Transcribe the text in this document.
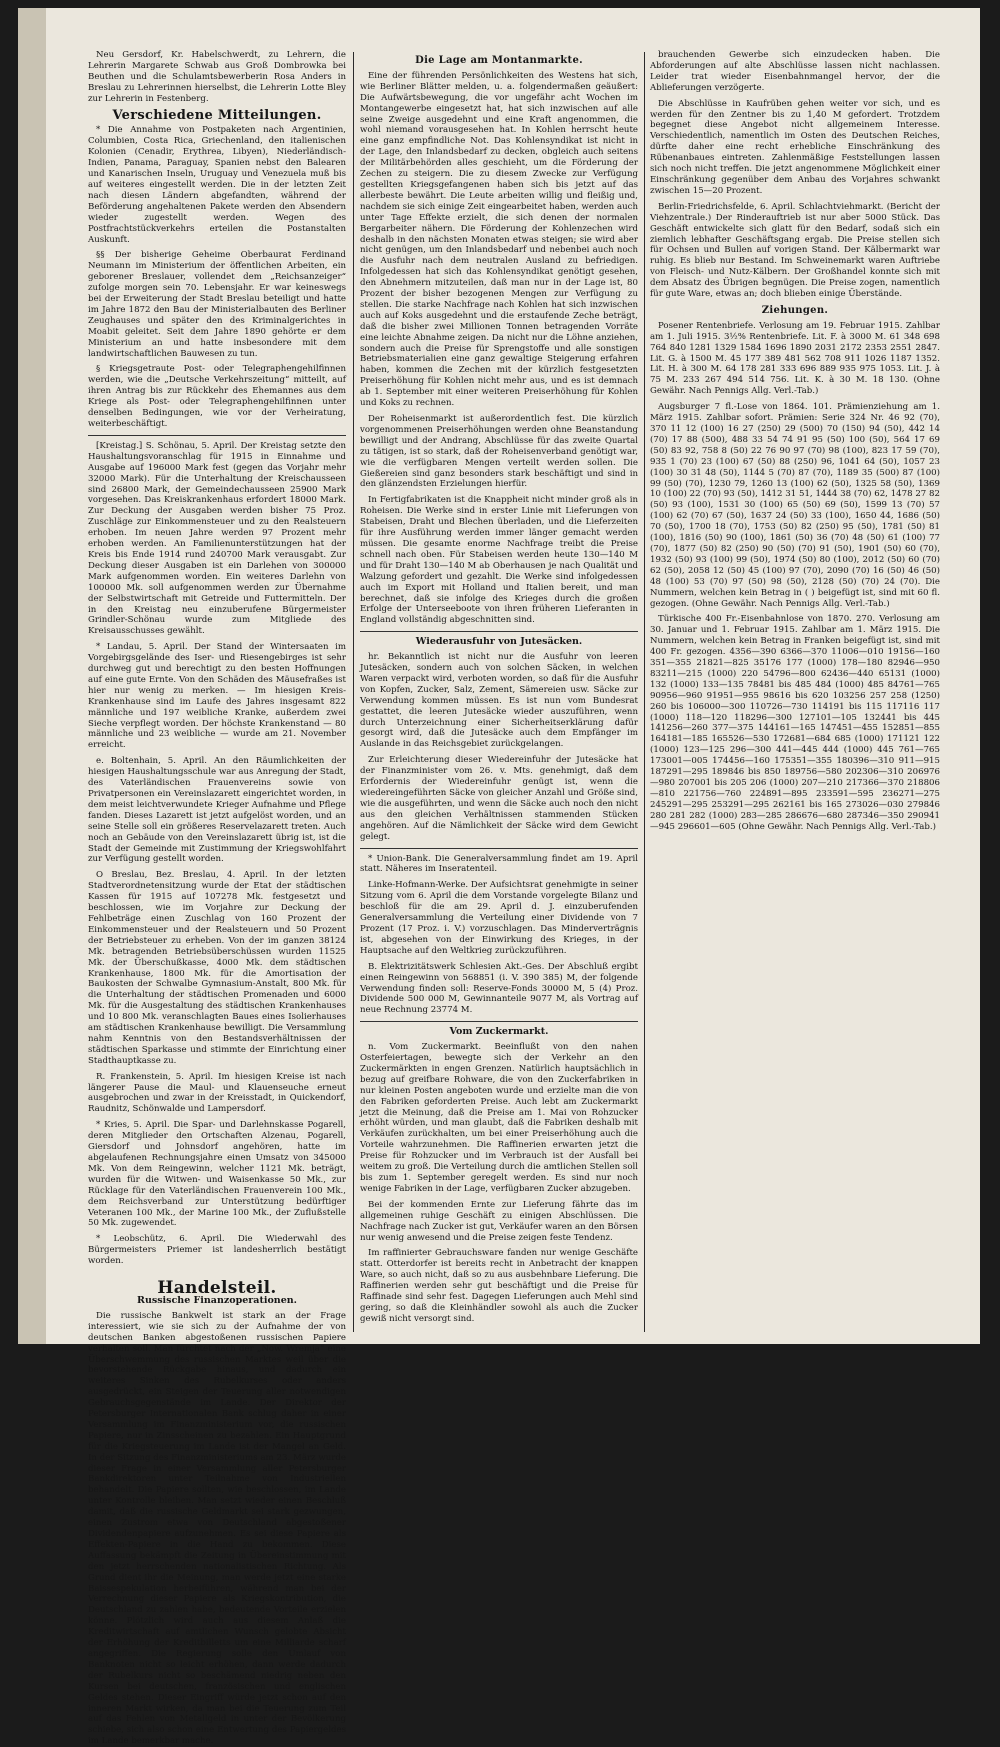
Neu Gersdorf, Kr. Habelschwerdt, zu Lehrern, die Lehrerin Margarete Schwab aus Groß Dombrowka bei Beuthen und die Schulamtsbewerberin Rosa Anders in Breslau zu Lehrerinnen hierselbst, die Lehrerin Lotte Bley zur Lehrerin in Festenberg.

Verschiedene Mitteilungen.

* Die Annahme von Postpaketen nach Argentinien, Columbien, Costa Rica, Griechenland, den italienischen Kolonien (Cenadir, Erythrea, Libyen), Niederländisch-Indien, Panama, Paraguay, Spanien nebst den Balearen und Kanarischen Inseln, Uruguay und Venezuela muß bis auf weiteres eingestellt werden. Die in der letzten Zeit nach diesen Ländern abgefandten, während der Beförderung angehaltenen Pakete werden den Absendern wieder zugestellt werden. Wegen des Postfrachtstückverkehrs erteilen die Postanstalten Auskunft.

§§ Der bisherige Geheime Oberbaurat Ferdinand Neumann im Ministerium der öffentlichen Arbeiten, ein geborener Breslauer, vollendet dem „Reichsanzeiger“ zufolge morgen sein 70. Lebensjahr. Er war keineswegs bei der Erweiterung der Stadt Breslau beteiligt und hatte im Jahre 1872 den Bau der Ministerialbauten des Berliner Zeughauses und später den des Kriminalgerichtes in Moabit geleitet. Seit dem Jahre 1890 gehörte er dem Ministerium an und hatte insbesondere mit dem landwirtschaftlichen Bauwesen zu tun.

§ Kriegsgetraute Post- oder Telegraphengehilfinnen werden, wie die „Deutsche Verkehrszeitung“ mitteilt, auf ihren Antrag bis zur Rückkehr des Ehemannes aus dem Kriege als Post- oder Telegraphengehilfinnen unter denselben Bedingungen, wie vor der Verheiratung, weiterbeschäftigt.

[Kreistag.] S. Schönau, 5. April. Der Kreistag setzte den Haushaltungsvoranschlag für 1915 in Einnahme und Ausgabe auf 196000 Mark fest (gegen das Vorjahr mehr 32000 Mark). Für die Unterhaltung der Kreischausseen sind 26800 Mark, der Gemeindechausseen 25900 Mark vorgesehen. Das Kreiskrankenhaus erfordert 18000 Mark. Zur Deckung der Ausgaben werden bisher 75 Proz. Zuschläge zur Einkommensteuer und zu den Realsteuern erhoben. Im neuen Jahre werden 97 Prozent mehr erhoben werden. An Familienunterstützungen hat der Kreis bis Ende 1914 rund 240700 Mark verausgabt. Zur Deckung dieser Ausgaben ist ein Darlehen von 300000 Mark aufgenommen worden. Ein weiteres Darlehn von 100000 Mk. soll aufgenommen werden zur Übernahme der Selbstwirtschaft mit Getreide und Futtermitteln. Der in den Kreistag neu einzuberufene Bürgermeister Grindler-Schönau wurde zum Mitgliede des Kreisausschusses gewählt.

* Landau, 5. April. Der Stand der Wintersaaten im Vorgebirgsgelände des Iser- und Riesengebirges ist sehr durchweg gut und berechtigt zu den besten Hoffnungen auf eine gute Ernte. Von den Schäden des Mäusefraßes ist hier nur wenig zu merken. — Im hiesigen Kreis-Krankenhause sind im Laufe des Jahres insgesamt 822 männliche und 197 weibliche Kranke, außerdem zwei Sieche verpflegt worden. Der höchste Krankenstand — 80 männliche und 23 weibliche — wurde am 21. November erreicht.

e. Boltenhain, 5. April. An den Räumlichkeiten der hiesigen Haushaltungsschule war aus Anregung der Stadt, des Vaterländischen Frauenvereins sowie von Privatpersonen ein Vereinslazarett eingerichtet worden, in dem meist leichtverwundete Krieger Aufnahme und Pflege fanden. Dieses Lazarett ist jetzt aufgelöst worden, und an seine Stelle soll ein größeres Reservelazarett treten. Auch noch an Gebäude von den Vereinslazarett übrig ist, ist die Stadt der Gemeinde mit Zustimmung der Kriegswohlfahrt zur Verfügung gestellt worden.

O Breslau, Bez. Breslau, 4. April. In der letzten Stadtverordnetensitzung wurde der Etat der städtischen Kassen für 1915 auf 107278 Mk. festgesetzt und beschlossen, wie im Vorjahre zur Deckung der Fehlbeträge einen Zuschlag von 160 Prozent der Einkommensteuer und der Realsteuern und 50 Prozent der Betriebsteuer zu erheben. Von der im ganzen 38124 Mk. betragenden Betriebsüberschüssen wurden 11525 Mk. der Überschußkasse, 4000 Mk. dem städtischen Krankenhause, 1800 Mk. für die Amortisation der Baukosten der Schwalbe Gymnasium-Anstalt, 800 Mk. für die Unterhaltung der städtischen Promenaden und 6000 Mk. für die Ausgestaltung des städtischen Krankenhauses und 10 800 Mk. veranschlagten Baues eines Isolierhauses am städtischen Krankenhause bewilligt. Die Versammlung nahm Kenntnis von den Bestandsverhältnissen der städtischen Sparkasse und stimmte der Einrichtung einer Stadthauptkasse zu.

R. Frankenstein, 5. April. Im hiesigen Kreise ist nach längerer Pause die Maul- und Klauenseuche erneut ausgebrochen und zwar in der Kreisstadt, in Quickendorf, Raudnitz, Schönwalde und Lampersdorf.

* Kries, 5. April. Die Spar- und Darlehnskasse Pogarell, deren Mitglieder den Ortschaften Alzenau, Pogarell, Giersdorf und Johnsdorf angehören, hatte im abgelaufenen Rechnungsjahre einen Umsatz von 345000 Mk. Von dem Reingewinn, welcher 1121 Mk. beträgt, wurden für die Witwen- und Waisenkasse 50 Mk., zur Rücklage für den Vaterländischen Frauenverein 100 Mk., dem Reichsverband zur Unterstützung bedürftiger Veteranen 100 Mk., der Marine 100 Mk., der Zuflußstelle 50 Mk. zugewendet.

* Leobschütz, 6. April. Die Wiederwahl des Bürgermeisters Priemer ist landesherrlich bestätigt worden.

Handelsteil.
Russische Finanzoperationen.

Die russische Bankwelt ist stark an der Frage interessiert, wie sie sich zu der Aufnahme der von deutschen Banken abgestoßenen russischen Papiere verhalten soll. Man fürchtet nach der „Now. Wremja“ eine Überschwemmung des russischen Marktes weil über die bevorstehende Rückgabe hinaus, und dadurch ein weiteres Sinken des Rubelkurses oder anders ausgedrückt, ein Steigen der Teuerung aller notwendigen Gebrauchsgegenstände im Lande. Der Direktor der Petersburger Internationalen Bank schlug daher in einer Versammlung im Finanzministerium vor, die russischen Papiere, nur in Zinsscheinen zu bezahlen. Ein Hauptgrund für die Kriegsteuerung im Lande ist der Mangel an Geld. In der Sitzung des Finanzministeriums am 23. März wurde dieser Frage in einer Versammlung aller Petersburger Bankdirektoren unter Teilnahme von Industriellen behandelt. Die Papiere sollten, wie beschlossen, im Lande unter Kontrolle bleiben. Man setzt wieder einen Beschluß damit, daß die russische Geldmarkt sei stark gezwungen, einen Zustrom etwa von Deutschland abgestoßener Dividendenpapiere aufzunehmen. Es sei diese Papiere als Effekten-Papiere in die Hand zu bekommen. Diese Auffassung bekämpft die Zeitung in Übereinstimmung mit den jetzt herrschenden nationalistischen Richtung. Als Grund dient ihr die Meinung, man werde jetzt eine starke Baissespekulation herbeiführen, während man bei der Verrechnung dieser Papiere als Kriegskontribution, die Deutschland zu zahlen habe, bedeutende Vorteile erzielen könne. Plötzlich wird auch aus diesem Anlaß die Kreditwirtschaft auf amtlichen Wunsch gelobte Absicht der Erhöhung der Kreditbilletts um eine Milliarde scharf angegriffen. Die Regierung solle den Umlauf von Banknoten nicht so leicht erhöhen, dann werde dadurch der Rubelkurs nicht so beschämend niedrig neben den Kursen bei deutschen, französischen und englischen Geldes stehen. Dieser Eingriff würde jetzt schon auf den inneren Markt wirken, da man bei die Teuerung zum Teil auf das Fehlen von Metallgeld in unter der Bevölkerung schiebe, sich also schon eine Entwertung des Papiergeldes im Lande bemerkbar mache.

Die Lage am Montanmarkte.

Eine der führenden Persönlichkeiten des Westens hat sich, wie Berliner Blätter melden, u. a. folgendermaßen geäußert: Die Aufwärtsbewegung, die vor ungefähr acht Wochen im Montangewerbe eingesetzt hat, hat sich inzwischen auf alle seine Zweige ausgedehnt und eine Kraft angenommen, die wohl niemand vorausgesehen hat. In Kohlen herrscht heute eine ganz empfindliche Not. Das Kohlensyndikat ist nicht in der Lage, den Inlandsbedarf zu decken, obgleich auch seitens der Militärbehörden alles geschieht, um die Förderung der Zechen zu steigern. Die zu diesem Zwecke zur Verfügung gestellten Kriegsgefangenen haben sich bis jetzt auf das allerbeste bewährt. Die Leute arbeiten willig und fleißig und, nachdem sie sich einige Zeit eingearbeitet haben, werden auch unter Tage Effekte erzielt, die sich denen der normalen Bergarbeiter nähern. Die Förderung der Kohlenzechen wird deshalb in den nächsten Monaten etwas steigen; sie wird aber nicht genügen, um den Inlandsbedarf und nebenbei auch noch die Ausfuhr nach dem neutralen Ausland zu befriedigen. Infolgedessen hat sich das Kohlensyndikat genötigt gesehen, den Abnehmern mitzuteilen, daß man nur in der Lage ist, 80 Prozent der bisher bezogenen Mengen zur Verfügung zu stellen. Die starke Nachfrage nach Kohlen hat sich inzwischen auch auf Koks ausgedehnt und die erstaufende Zeche beträgt, daß die bisher zwei Millionen Tonnen betragenden Vorräte eine leichte Abnahme zeigen. Da nicht nur die Löhne anziehen, sondern auch die Preise für Sprengstoffe und alle sonstigen Betriebsmaterialien eine ganz gewaltige Steigerung erfahren haben, kommen die Zechen mit der kürzlich festgesetzten Preiserhöhung für Kohlen nicht mehr aus, und es ist demnach ab 1. September mit einer weiteren Preiserhöhung für Kohlen und Koks zu rechnen.

Der Roheisenmarkt ist außerordentlich fest. Die kürzlich vorgenommenen Preiserhöhungen werden ohne Beanstandung bewilligt und der Andrang, Abschlüsse für das zweite Quartal zu tätigen, ist so stark, daß der Roheisenverband genötigt war, wie die verfügbaren Mengen verteilt werden sollen. Die Gießereien sind ganz besonders stark beschäftigt und sind in den glänzendsten Erzielungen hierfür.

In Fertigfabrikaten ist die Knappheit nicht minder groß als in Roheisen. Die Werke sind in erster Linie mit Lieferungen von Stabeisen, Draht und Blechen überladen, und die Lieferzeiten für ihre Ausführung werden immer länger gemacht werden müssen. Die gesamte enorme Nachfrage treibt die Preise schnell nach oben. Für Stabeisen werden heute 130—140 M und für Draht 130—140 M ab Oberhausen je nach Qualität und Walzung gefordert und gezahlt. Die Werke sind infolgedessen auch im Export mit Holland und Italien bereit, und man berechnet, daß sie infolge des Krieges durch die großen Erfolge der Unterseeboote von ihren früheren Lieferanten in England vollständig abgeschnitten sind.

Wiederausfuhr von Jutesäcken.

hr. Bekanntlich ist nicht nur die Ausfuhr von leeren Jutesäcken, sondern auch von solchen Säcken, in welchen Waren verpackt wird, verboten worden, so daß für die Ausfuhr von Kopfen, Zucker, Salz, Zement, Sämereien usw. Säcke zur Verwendung kommen müssen. Es ist nun vom Bundesrat gestattet, die leeren Jutesäcke wieder auszuführen, wenn durch Unterzeichnung einer Sicherheitserklärung dafür gesorgt wird, daß die Jutesäcke auch dem Empfänger im Auslande in das Reichsgebiet zurückgelangen.

Zur Erleichterung dieser Wiedereinfuhr der Jutesäcke hat der Finanzminister vom 26. v. Mts. genehmigt, daß dem Erfordernis der Wiedereinfuhr genügt ist, wenn die wiedereingeführten Säcke von gleicher Anzahl und Größe sind, wie die ausgeführten, und wenn die Säcke auch noch den nicht aus den gleichen Verhältnissen stammenden Stücken angehören. Auf die Nämlichkeit der Säcke wird dem Gewicht gelegt.

* Union-Bank. Die Generalversammlung findet am 19. April statt. Näheres im Inseratenteil.

Linke-Hofmann-Werke. Der Aufsichtsrat genehmigte in seiner Sitzung vom 6. April die dem Vorstande vorgelegte Bilanz und beschloß für die am 29. April d. J. einzuberufenden Generalversammlung die Verteilung einer Dividende von 7 Prozent (17 Proz. i. V.) vorzuschlagen. Das Minderverträgnis ist, abgesehen von der Einwirkung des Krieges, in der Hauptsache auf den Weltkrieg zurückzuführen.

B. Elektrizitätswerk Schlesien Akt.-Ges. Der Abschluß ergibt einen Reingewinn von 568851 (i. V. 390 385) M, der folgende Verwendung finden soll: Reserve-Fonds 30000 M, 5 (4) Proz. Dividende 500 000 M, Gewinnanteile 9077 M, als Vortrag auf neue Rechnung 23774 M.

Vom Zuckermarkt.

n. Vom Zuckermarkt. Beeinflußt von den nahen Osterfeiertagen, bewegte sich der Verkehr an den Zuckermärkten in engen Grenzen. Natürlich hauptsächlich in bezug auf greifbare Rohware, die von den Zuckerfabriken in nur kleinen Posten angeboten wurde und erzielte man die von den Fabriken geforderten Preise. Auch lebt am Zuckermarkt jetzt die Meinung, daß die Preise am 1. Mai von Rohzucker erhöht würden, und man glaubt, daß die Fabriken deshalb mit Verkäufen zurückhalten, um bei einer Preiserhöhung auch die Vorteile wahrzunehmen. Die Raffinerien erwarten jetzt die Preise für Rohzucker und im Verbrauch ist der Ausfall bei weitem zu groß. Die Verteilung durch die amtlichen Stellen soll bis zum 1. September geregelt werden. Es sind nur noch wenige Fabriken in der Lage, verfügbaren Zucker abzugeben.

Bei der kommenden Ernte zur Lieferung fährte das im allgemeinen ruhige Geschäft zu einigen Abschlüssen. Die Nachfrage nach Zucker ist gut, Verkäufer waren an den Börsen nur wenig anwesend und die Preise zeigen feste Tendenz.

Im raffinierter Gebrauchsware fanden nur wenige Geschäfte statt. Otterdorfer ist bereits recht in Anbetracht der knappen Ware, so auch nicht, daß so zu aus ausbehnbare Lieferung. Die Raffinerien werden sehr gut beschäftigt und die Preise für Raffinade sind sehr fest. Dagegen Lieferungen auch Mehl sind gering, so daß die Kleinhändler sowohl als auch die Zucker gewiß nicht versorgt sind.

brauchenden Gewerbe sich einzudecken haben. Die Abforderungen auf alte Abschlüsse lassen nicht nachlassen. Leider trat wieder Eisenbahnmangel hervor, der die Ablieferungen verzögerte.

Die Abschlüsse in Kaufrüben gehen weiter vor sich, und es werden für den Zentner bis zu 1,40 M gefordert. Trotzdem begegnet diese Angebot nicht allgemeinem Interesse. Verschiedentlich, namentlich im Osten des Deutschen Reiches, dürfte daher eine recht erhebliche Einschränkung des Rübenanbaues eintreten. Zahlenmäßige Feststellungen lassen sich noch nicht treffen. Die jetzt angenommene Möglichkeit einer Einschränkung gegenüber dem Anbau des Vorjahres schwankt zwischen 15—20 Prozent.

Berlin-Friedrichsfelde, 6. April. Schlachtviehmarkt. (Bericht der Viehzentrale.) Der Rinderauftrieb ist nur aber 5000 Stück. Das Geschäft entwickelte sich glatt für den Bedarf, sodaß sich ein ziemlich lebhafter Geschäftsgang ergab. Die Preise stellen sich für Ochsen und Bullen auf vorigen Stand. Der Kälbermarkt war ruhig. Es blieb nur Bestand. Im Schweinemarkt waren Auftriebe von Fleisch- und Nutz-Kälbern. Der Großhandel konnte sich mit dem Absatz des Übrigen begnügen. Die Preise zogen, namentlich für gute Ware, etwas an; doch blieben einige Überstände.

Ziehungen.

Posener Rentenbriefe. Verlosung am 19. Februar 1915. Zahlbar am 1. Juli 1915. 3½% Rentenbriefe. Lit. F. à 3000 M. 61 348 698 764 840 1281 1329 1584 1696 1890 2031 2172 2353 2551 2847. Lit. G. à 1500 M. 45 177 389 481 562 708 911 1026 1187 1352. Lit. H. à 300 M. 64 178 281 333 696 889 935 975 1053. Lit. J. à 75 M. 233 267 494 514 756. Lit. K. à 30 M. 18 130. (Ohne Gewähr. Nach Pennigs Allg. Verl.-Tab.)

Augsburger 7 fl.-Lose von 1864. 101. Prämienziehung am 1. März 1915. Zahlbar sofort. Prämien: Serie 324 Nr. 46 92 (70), 370 11 12 (100) 16 27 (250) 29 (500) 70 (150) 94 (50), 442 14 (70) 17 88 (500), 488 33 54 74 91 95 (50) 100 (50), 564 17 69 (50) 83 92, 758 8 (50) 22 76 90 97 (70) 98 (100), 823 17 59 (70), 935 1 (70) 23 (100) 67 (50) 88 (250) 96, 1041 64 (50), 1057 23 (100) 30 31 48 (50), 1144 5 (70) 87 (70), 1189 35 (500) 87 (100) 99 (50) (70), 1230 79, 1260 13 (100) 62 (50), 1325 58 (50), 1369 10 (100) 22 (70) 93 (50), 1412 31 51, 1444 38 (70) 62, 1478 27 82 (50) 93 (100), 1531 30 (100) 65 (50) 69 (50), 1599 13 (70) 57 (100) 62 (70) 67 (50), 1637 24 (50) 33 (100), 1650 44, 1686 (50) 70 (50), 1700 18 (70), 1753 (50) 82 (250) 95 (50), 1781 (50) 81 (100), 1816 (50) 90 (100), 1861 (50) 36 (70) 48 (50) 61 (100) 77 (70), 1877 (50) 82 (250) 90 (50) (70) 91 (50), 1901 (50) 60 (70), 1932 (50) 93 (100) 99 (50), 1974 (50) 80 (100), 2012 (50) 60 (70) 62 (50), 2058 12 (50) 45 (100) 97 (70), 2090 (70) 16 (50) 46 (50) 48 (100) 53 (70) 97 (50) 98 (50), 2128 (50) (70) 24 (70). Die Nummern, welchen kein Betrag in ( ) beigefügt ist, sind mit 60 fl. gezogen. (Ohne Gewähr. Nach Pennigs Allg. Verl.-Tab.)

Türkische 400 Fr.-Eisenbahnlose von 1870. 270. Verlosung am 30. Januar und 1. Februar 1915. Zahlbar am 1. März 1915. Die Nummern, welchen kein Betrag in Franken beigefügt ist, sind mit 400 Fr. gezogen. 4356—390 6366—370 11006—010 19156—160 351—355 21821—825 35176 177 (1000) 178—180 82946—950 83211—215 (1000) 220 54796—800 62436—440 65131 (1000) 132 (1000) 133—135 78481 bis 485 484 (1000) 485 84761—765 90956—960 91951—955 98616 bis 620 103256 257 258 (1250) 260 bis 106000—300 110726—730 114191 bis 115 117116 117 (1000) 118—120 118296—300 127101—105 132441 bis 445 141256—260 377—375 144161—165 147451—455 152851—855 164181—185 165526—530 172681—684 685 (1000) 171121 122 (1000) 123—125 296—300 441—445 444 (1000) 445 761—765 173001—005 174456—160 175351—355 180396—310 911—915 187291—295 189846 bis 850 189756—580 202306—310 206976—980 207001 bis 205 206 (1000) 207—210 217366—370 218806—810 221756—760 224891—895 233591—595 236271—275 245291—295 253291—295 262161 bis 165 273026—030 279846 280 281 282 (1000) 283—285 286676—680 287346—350 290941—945 296601—605 (Ohne Gewähr. Nach Pennigs Allg. Verl.-Tab.)
